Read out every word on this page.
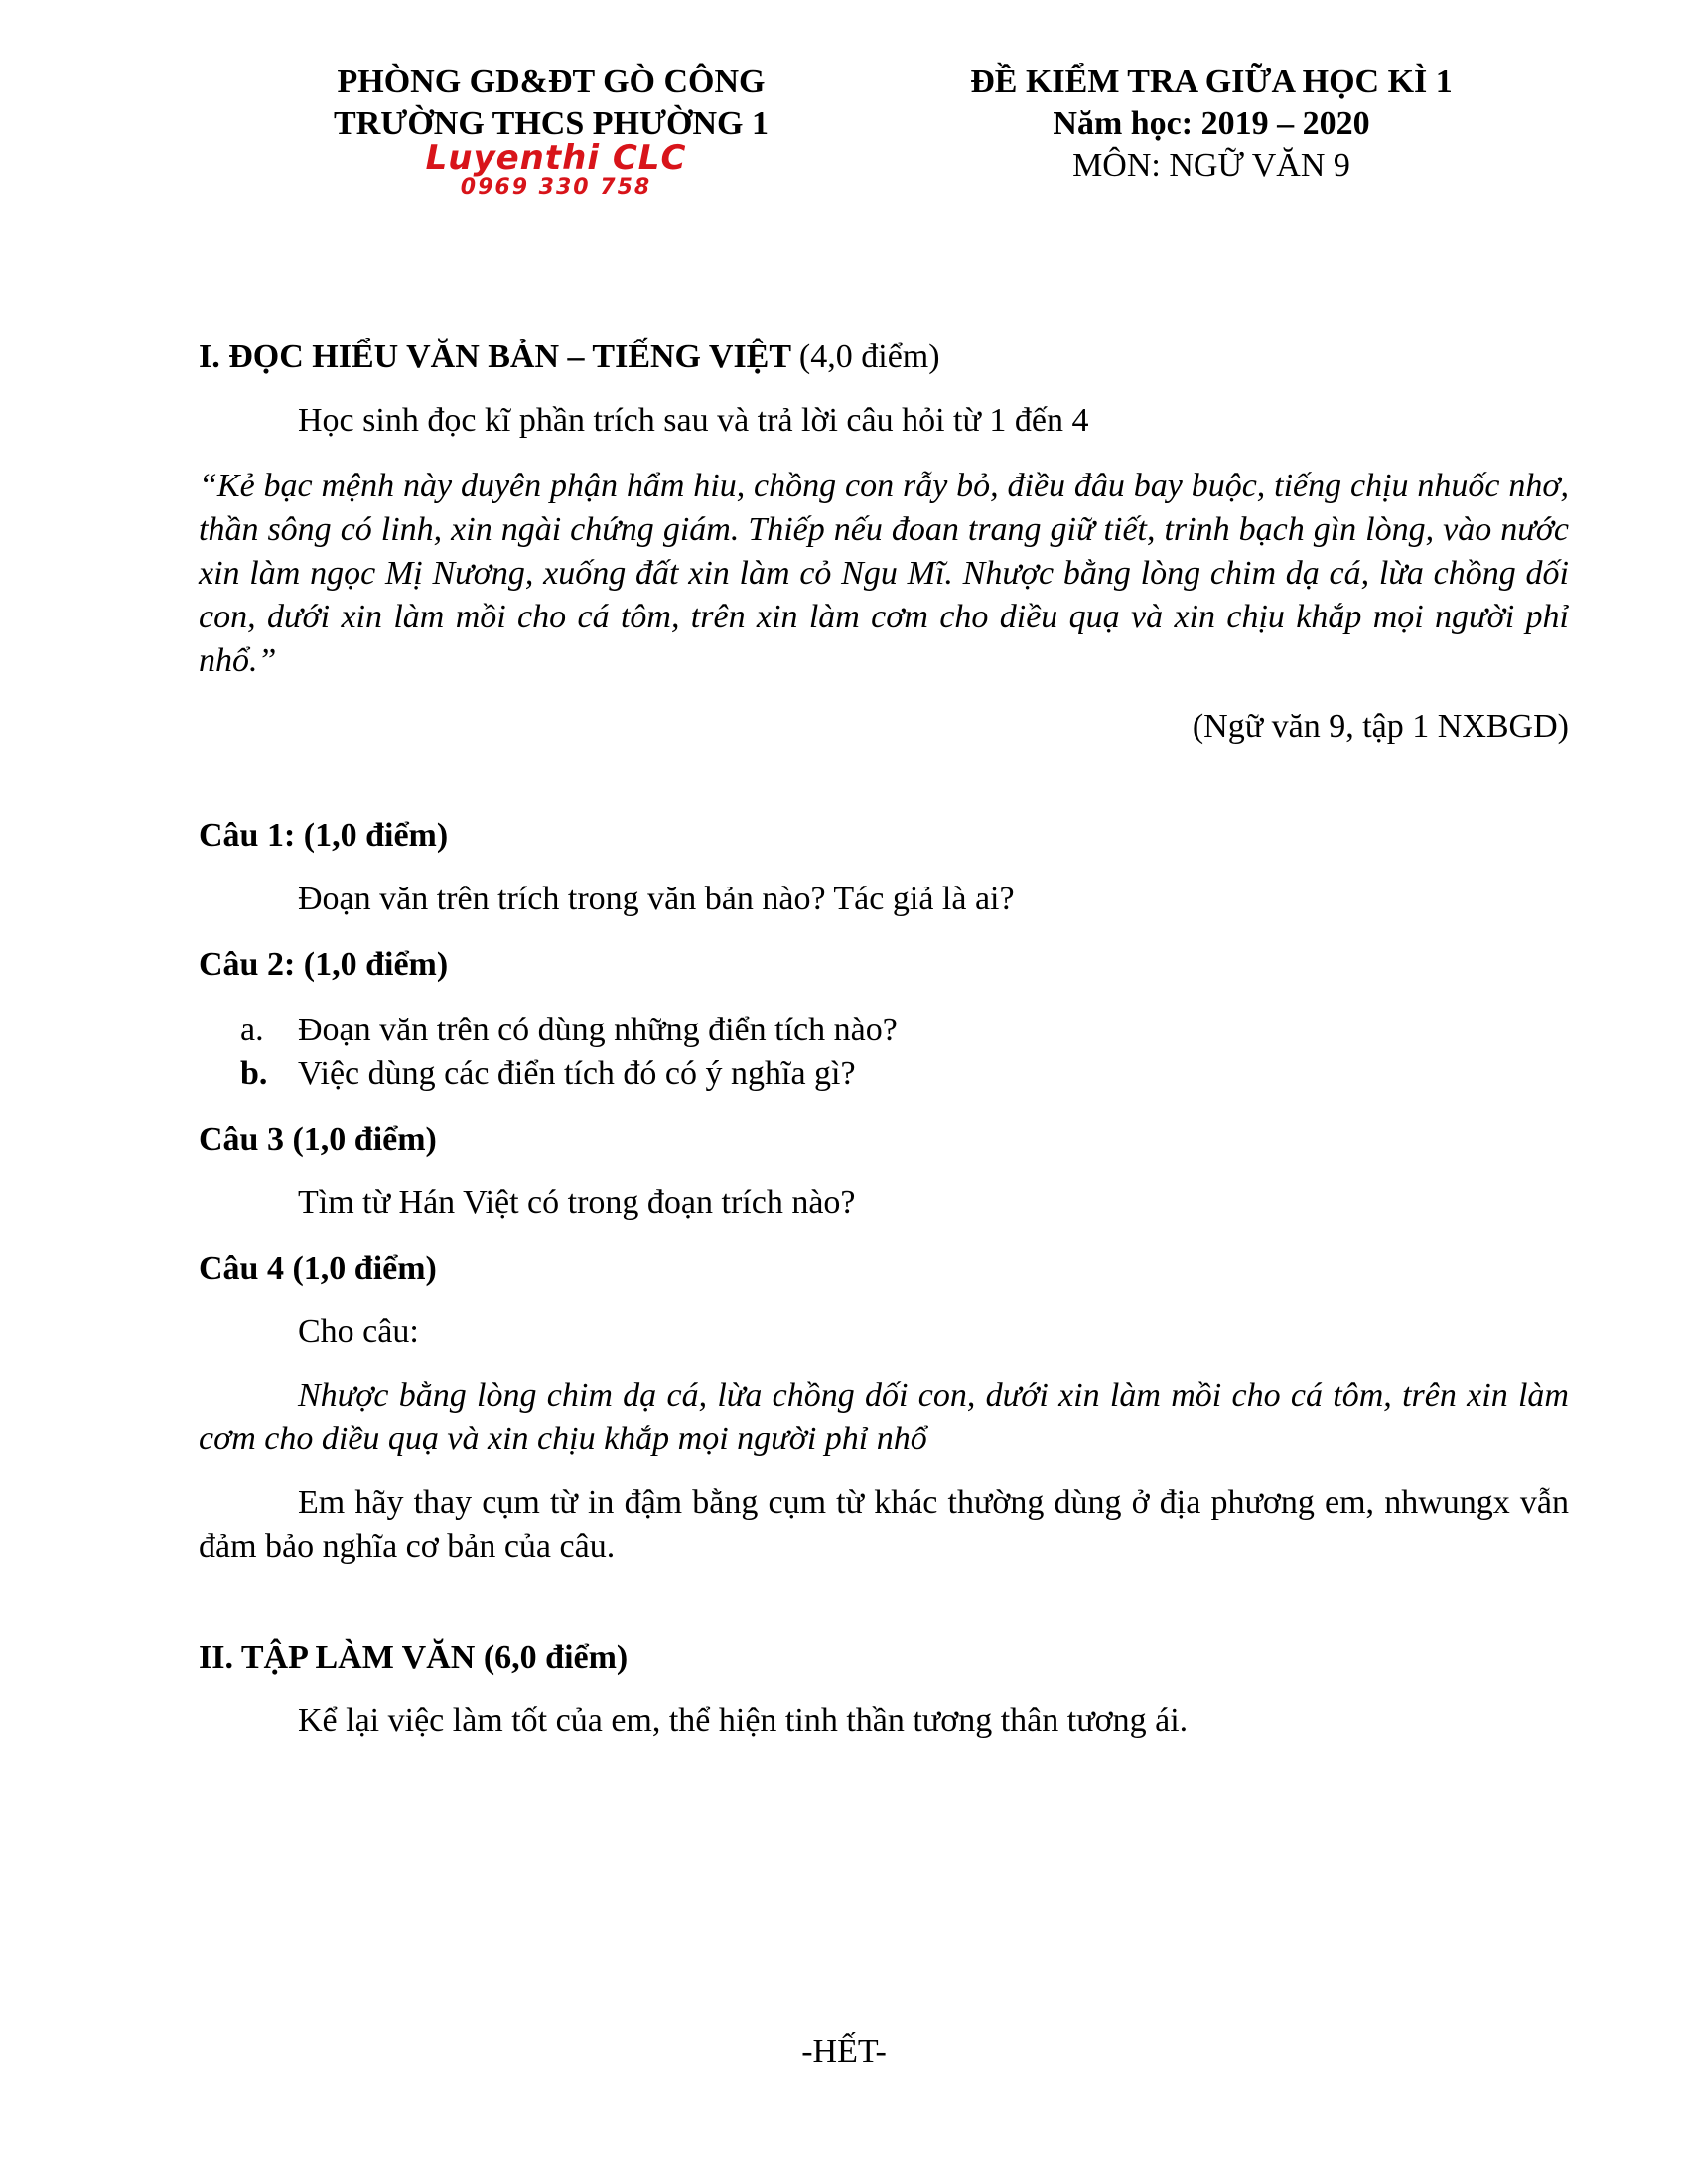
PHÒNG GD&ĐT GÒ CÔNG
TRƯỜNG THCS PHƯỜNG 1
Luyenthi CLC
0969 330 758
ĐỀ KIỂM TRA GIỮA HỌC KÌ 1
Năm học: 2019 – 2020
MÔN: NGỮ VĂN 9

I. ĐỌC HIỂU VĂN BẢN – TIẾNG VIỆT (4,0 điểm)

Học sinh đọc kĩ phần trích sau và trả lời câu hỏi từ 1 đến 4

“Kẻ bạc mệnh này duyên phận hẩm hiu, chồng con rẫy bỏ, điều đâu bay buộc, tiếng chịu nhuốc nhơ, thần sông có linh, xin ngài chứng giám. Thiếp nếu đoan trang giữ tiết, trinh bạch gìn lòng, vào nước xin làm ngọc Mị Nương, xuống đất xin làm cỏ Ngu Mĩ. Nhược bằng lòng chim dạ cá, lừa chồng dối con, dưới xin làm mồi cho cá tôm, trên xin làm cơm cho diều quạ và xin chịu khắp mọi người phỉ nhổ.”

(Ngữ văn 9, tập 1 NXBGD)

Câu 1: (1,0 điểm)

Đoạn văn trên trích trong văn bản nào? Tác giả là ai?

Câu 2: (1,0 điểm)

a.	Đoạn văn trên có dùng những điển tích nào?
b. Việc dùng các điển tích đó có ý nghĩa gì?

Câu 3 (1,0 điểm)

Tìm từ Hán Việt có trong đoạn trích nào?

Câu 4 (1,0 điểm)

Cho câu:

Nhược bằng lòng chim dạ cá, lừa chồng dối con, dưới xin làm mồi cho cá tôm, trên xin làm cơm cho diều quạ và xin chịu khắp mọi người phỉ nhổ

Em hãy thay cụm từ in đậm bằng cụm từ khác thường dùng ở địa phương em, nhwungx vẫn đảm bảo nghĩa cơ bản của câu.

II. TẬP LÀM VĂN (6,0 điểm)

Kể lại việc làm tốt của em, thể hiện tinh thần tương thân tương ái.

-HẾT-
